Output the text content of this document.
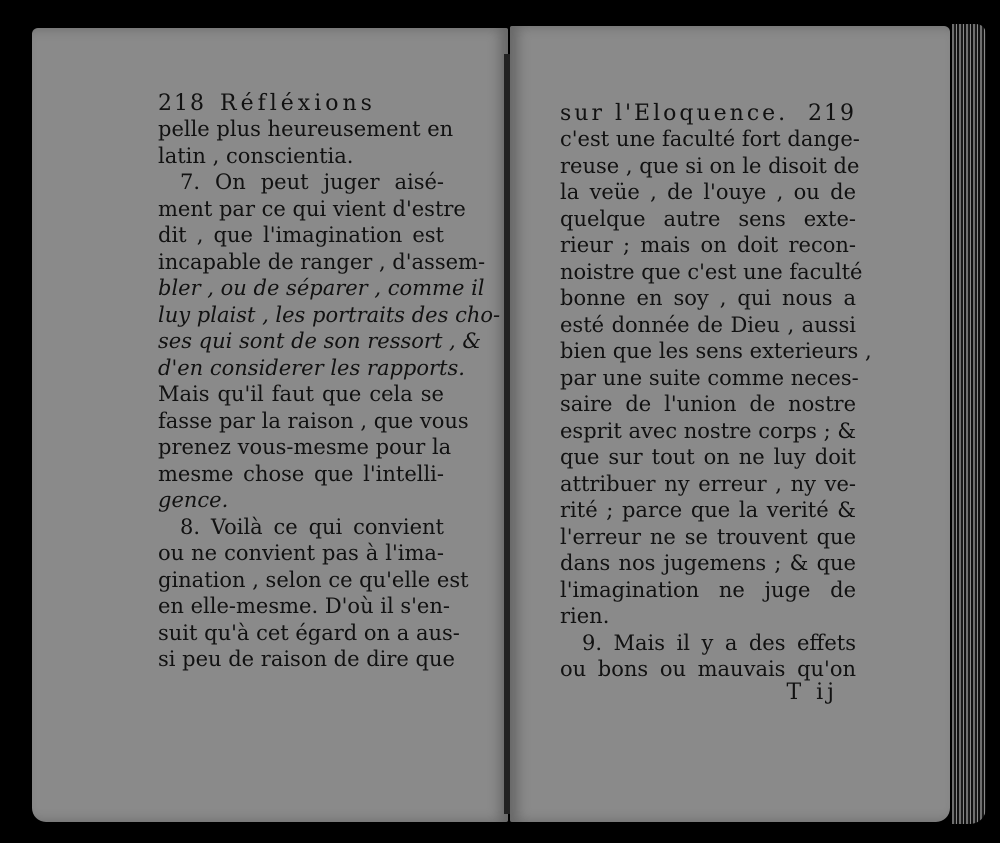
218 Réfléxions
pelle plus heureusement en
latin , conscientia.
7. On peut juger aisé-
ment par ce qui vient d'estre
dit , que l'imagination est
incapable de ranger , d'assem-
bler , ou de séparer , comme il
luy plaist , les portraits des cho-
ses qui sont de son ressort , &
d'en considerer les rapports.
Mais qu'il faut que cela se
fasse par la raison , que vous
prenez vous-mesme pour la
mesme chose que l'intelli-
gence.
8. Voilà ce qui convient
ou ne convient pas à l'ima-
gination , selon ce qu'elle est
en elle-mesme. D'où il s'en-
suit qu'à cet égard on a aus-
si peu de raison de dire que
sur l'Eloquence. 219
c'est une faculté fort dange-
reuse , que si on le disoit de
la veüe , de l'ouye , ou de
quelque autre sens exte-
rieur ; mais on doit recon-
noistre que c'est une faculté
bonne en soy , qui nous a
esté donnée de Dieu , aussi
bien que les sens exterieurs ,
par une suite comme neces-
saire de l'union de nostre
esprit avec nostre corps ; &
que sur tout on ne luy doit
attribuer ny erreur , ny ve-
rité ; parce que la verité &
l'erreur ne se trouvent que
dans nos jugemens ; & que
l'imagination ne juge de
rien.
9. Mais il y a des effets
ou bons ou mauvais qu'on
T ij
